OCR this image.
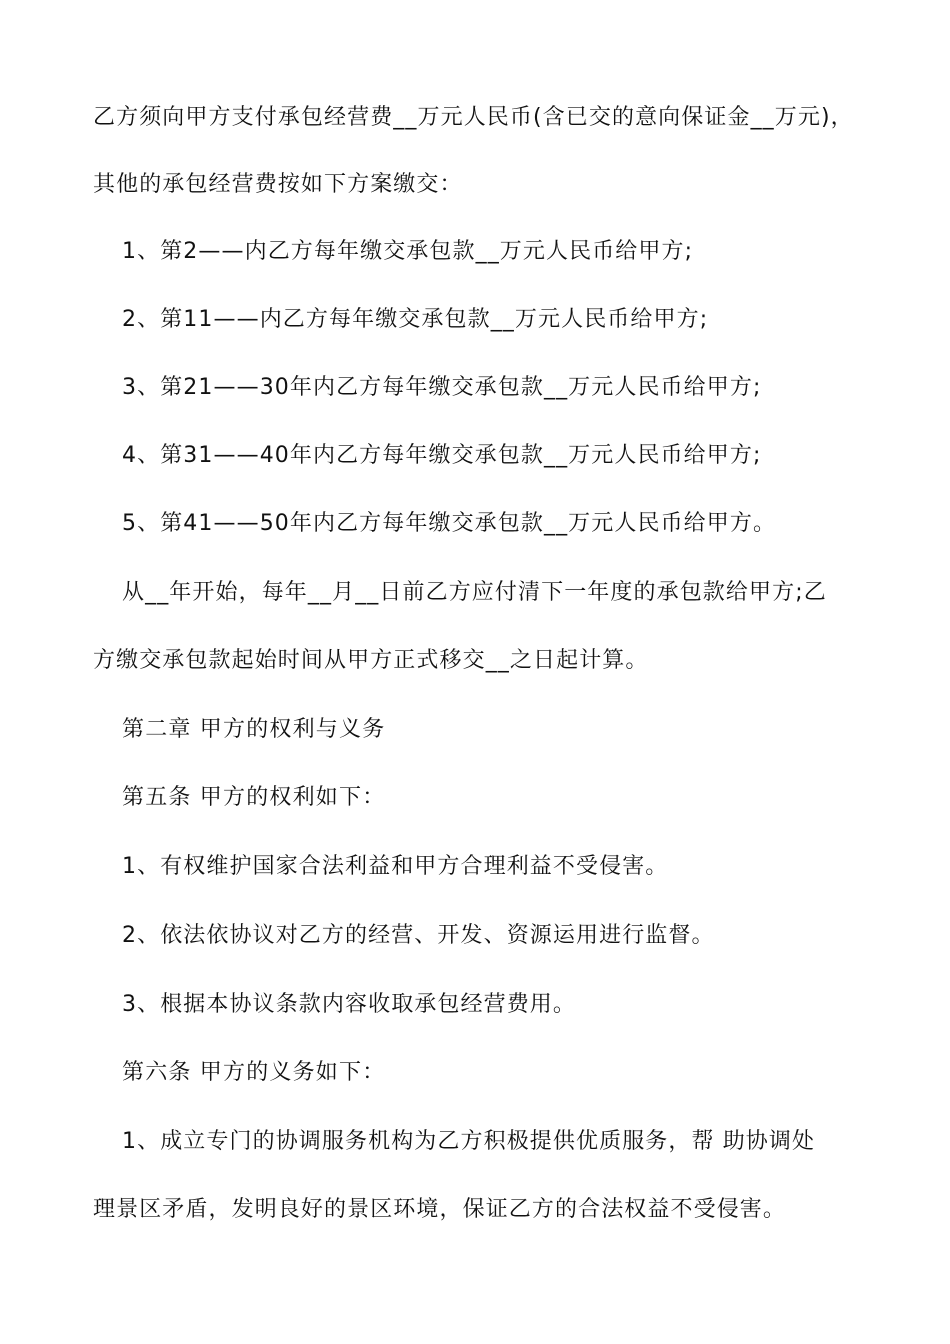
乙方须向甲方支付承包经营费__万元人民币(含已交的意向保证金__万元)，
其他的承包经营费按如下方案缴交：
1、第2——内乙方每年缴交承包款__万元人民币给甲方;
2、第11——内乙方每年缴交承包款__万元人民币给甲方;
3、第21——30年内乙方每年缴交承包款__万元人民币给甲方;
4、第31——40年内乙方每年缴交承包款__万元人民币给甲方;
5、第41——50年内乙方每年缴交承包款__万元人民币给甲方。
从__年开始，每年__月__日前乙方应付清下一年度的承包款给甲方;乙
方缴交承包款起始时间从甲方正式移交__之日起计算。
第二章 甲方的权利与义务
第五条 甲方的权利如下：
1、有权维护国家合法利益和甲方合理利益不受侵害。
2、依法依协议对乙方的经营、开发、资源运用进行监督。
3、根据本协议条款内容收取承包经营费用。
第六条 甲方的义务如下：
1、成立专门的协调服务机构为乙方积极提供优质服务，帮 助协调处
理景区矛盾，发明良好的景区环境，保证乙方的合法权益不受侵害。
